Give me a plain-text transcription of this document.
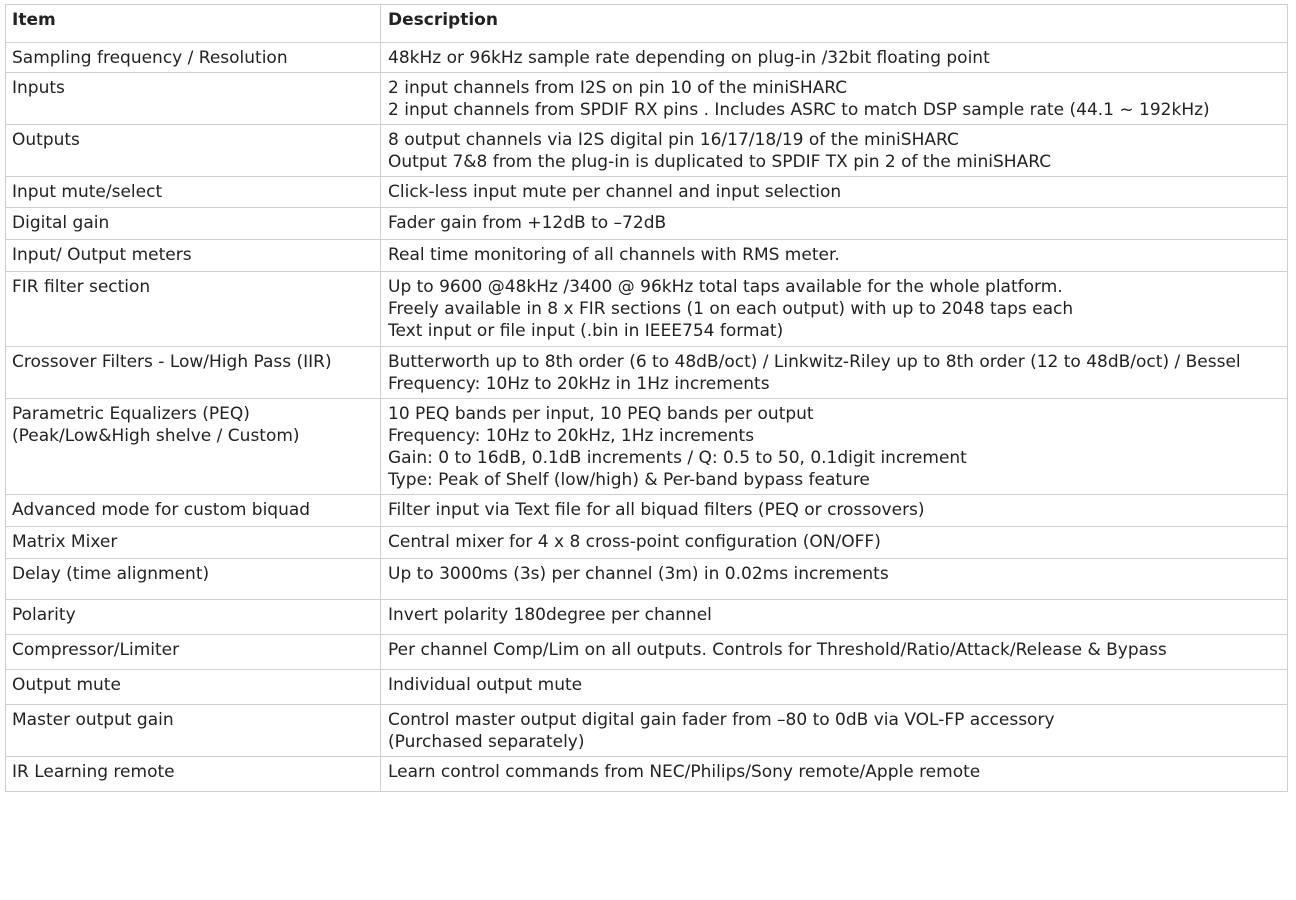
Item	Description

Sampling frequency / Resolution	48kHz or 96kHz sample rate depending on plug-in /32bit floating point

Inputs	2 input channels from I2S on pin 10 of the miniSHARC
2 input channels from SPDIF RX pins . Includes ASRC to match DSP sample rate (44.1 ~ 192kHz)

Outputs	8 output channels via I2S digital pin 16/17/18/19 of the miniSHARC
Output 7&8 from the plug-in is duplicated to SPDIF TX pin 2 of the miniSHARC

Input mute/select	Click-less input mute per channel and input selection

Digital gain	Fader gain from +12dB to –72dB

Input/ Output meters	Real time monitoring of all channels with RMS meter.

FIR filter section	Up to 9600 @48kHz /3400 @ 96kHz total taps available for the whole platform.
Freely available in 8 x FIR sections (1 on each output) with up to 2048 taps each
Text input or file input (.bin in IEEE754 format)

Crossover Filters - Low/High Pass (IIR)	Butterworth up to 8th order (6 to 48dB/oct) / Linkwitz-Riley up to 8th order (12 to 48dB/oct) / Bessel
Frequency: 10Hz to 20kHz in 1Hz increments

Parametric Equalizers (PEQ)
(Peak/Low&High shelve / Custom)	10 PEQ bands per input, 10 PEQ bands per output
Frequency: 10Hz to 20kHz, 1Hz increments
Gain: 0 to 16dB, 0.1dB increments / Q: 0.5 to 50, 0.1digit increment
Type: Peak of Shelf (low/high) & Per-band bypass feature

Advanced mode for custom biquad	Filter input via Text file for all biquad filters (PEQ or crossovers)

Matrix Mixer	Central mixer for 4 x 8 cross-point configuration (ON/OFF)

Delay (time alignment)	Up to 3000ms (3s) per channel (3m) in 0.02ms increments

Polarity	Invert polarity 180degree per channel

Compressor/Limiter	Per channel Comp/Lim on all outputs. Controls for Threshold/Ratio/Attack/Release & Bypass

Output mute	Individual output mute

Master output gain	Control master output digital gain fader from –80 to 0dB via VOL-FP accessory
(Purchased separately)

IR Learning remote	Learn control commands from NEC/Philips/Sony remote/Apple remote
